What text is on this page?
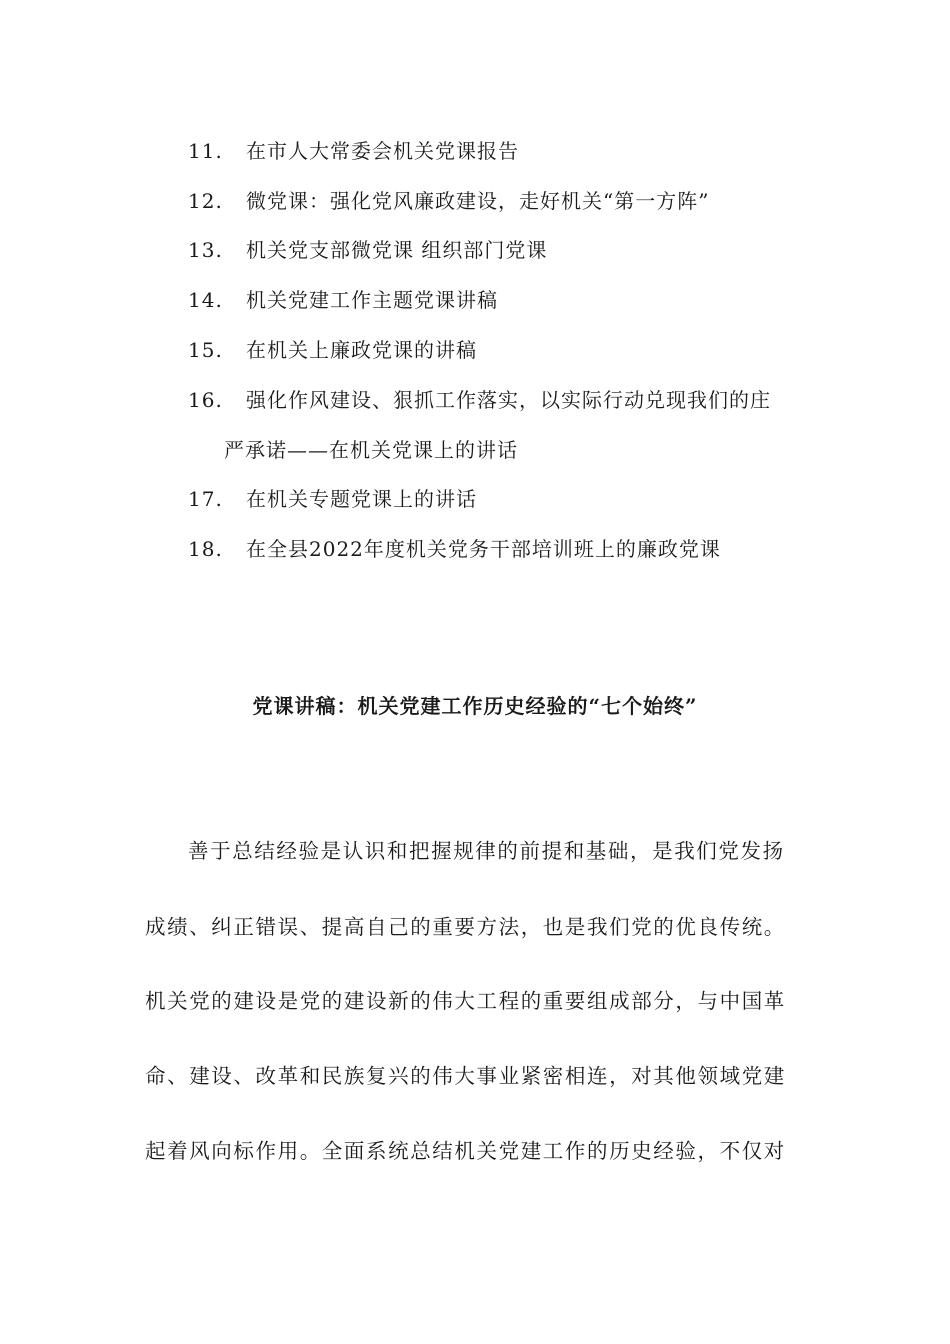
11. 在市人大常委会机关党课报告
12. 微党课：强化党风廉政建设，走好机关“第一方阵”
13. 机关党支部微党课 组织部门党课
14. 机关党建工作主题党课讲稿
15. 在机关上廉政党课的讲稿
16. 强化作风建设、狠抓工作落实，以实际行动兑现我们的庄
严承诺——在机关党课上的讲话
17. 在机关专题党课上的讲话
18. 在全县2022年度机关党务干部培训班上的廉政党课
党课讲稿：机关党建工作历史经验的“七个始终”
善于总结经验是认识和把握规律的前提和基础，是我们党发扬
成绩、纠正错误、提高自己的重要方法，也是我们党的优良传统。
机关党的建设是党的建设新的伟大工程的重要组成部分，与中国革
命、建设、改革和民族复兴的伟大事业紧密相连，对其他领域党建
起着风向标作用。全面系统总结机关党建工作的历史经验，不仅对
